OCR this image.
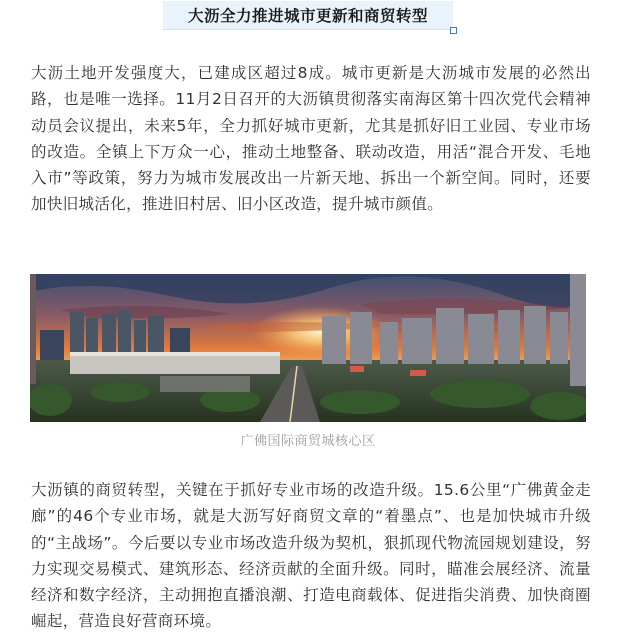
大沥全力推进城市更新和商贸转型

大沥土地开发强度大，已建成区超过8成。城市更新是大沥城市发展的必然出路，也是唯一选择。11月2日召开的大沥镇贯彻落实南海区第十四次党代会精神动员会议提出，未来5年，全力抓好城市更新，尤其是抓好旧工业园、专业市场的改造。全镇上下万众一心，推动土地整备、联动改造，用活“混合开发、毛地入市”等政策，努力为城市发展改出一片新天地、拆出一个新空间。同时，还要加快旧城活化，推进旧村居、旧小区改造，提升城市颜值。

广佛国际商贸城核心区

大沥镇的商贸转型，关键在于抓好专业市场的改造升级。15.6公里“广佛黄金走廊”的46个专业市场，就是大沥写好商贸文章的“着墨点”、也是加快城市升级的“主战场”。今后要以专业市场改造升级为契机，狠抓现代物流园规划建设，努力实现交易模式、建筑形态、经济贡献的全面升级。同时，瞄准会展经济、流量经济和数字经济，主动拥抱直播浪潮、打造电商载体、促进指尖消费、加快商圈崛起，营造良好营商环境。
